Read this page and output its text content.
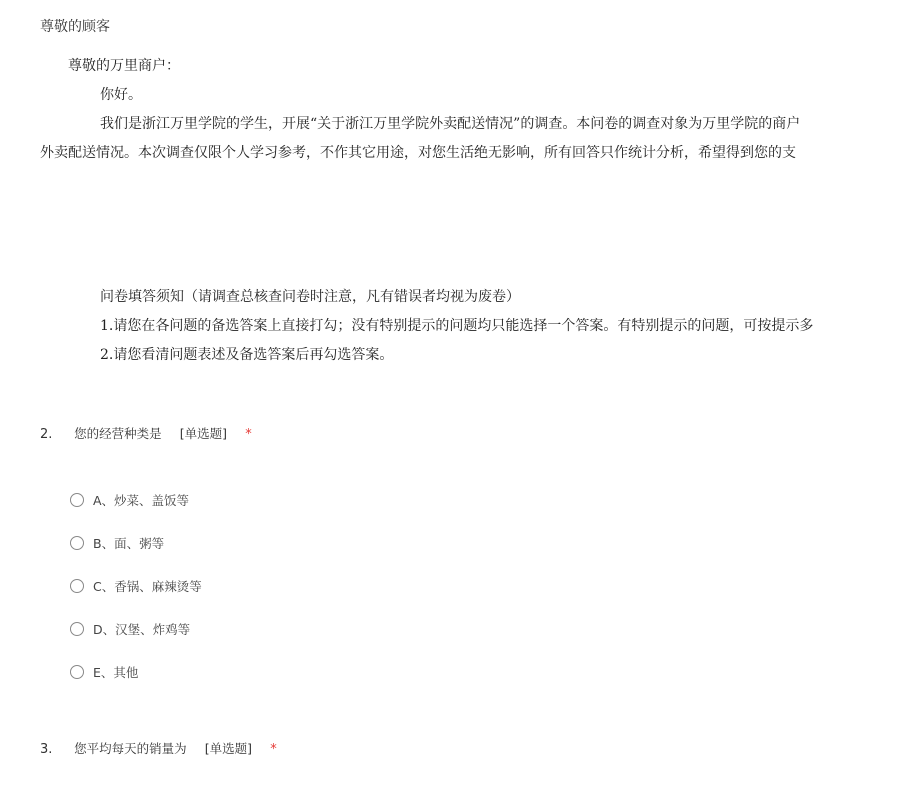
尊敬的顾客
尊敬的万里商户：
你好。
我们是浙江万里学院的学生，开展“关于浙江万里学院外卖配送情况”的调查。本问卷的调查对象为万里学院的商户
外卖配送情况。本次调查仅限个人学习参考，不作其它用途，对您生活绝无影响，所有回答只作统计分析，希望得到您的支
问卷填答须知（请调查总核查问卷时注意，凡有错误者均视为废卷）
1.请您在各问题的备选答案上直接打勾；没有特别提示的问题均只能选择一个答案。有特别提示的问题，可按提示多
2.请您看清问题表述及备选答案后再勾选答案。
2. 您的经营种类是 [单选题] *
A、炒菜、盖饭等
B、面、粥等
C、香锅、麻辣烫等
D、汉堡、炸鸡等
E、其他
3. 您平均每天的销量为 [单选题] *
